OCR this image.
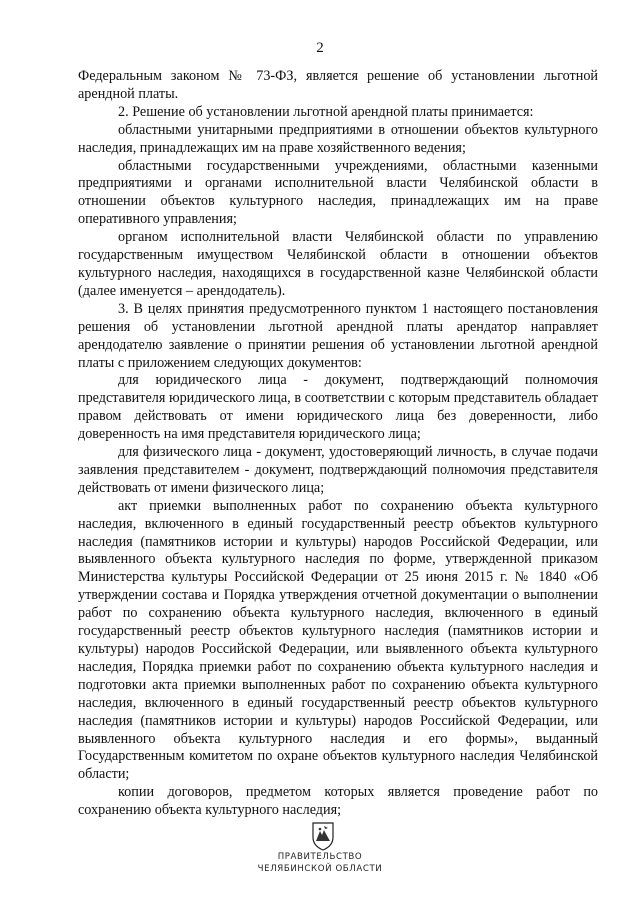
2

Федеральным законом № 73-ФЗ, является решение об установлении льготной арендной платы.

2. Решение об установлении льготной арендной платы принимается:

областными унитарными предприятиями в отношении объектов культурного наследия, принадлежащих им на праве хозяйственного ведения;

областными государственными учреждениями, областными казенными предприятиями и органами исполнительной власти Челябинской области в отношении объектов культурного наследия, принадлежащих им на праве оперативного управления;

органом исполнительной власти Челябинской области по управлению государственным имуществом Челябинской области в отношении объектов культурного наследия, находящихся в государственной казне Челябинской области (далее именуется – арендодатель).

3. В целях принятия предусмотренного пунктом 1 настоящего постановления решения об установлении льготной арендной платы арендатор направляет арендодателю заявление о принятии решения об установлении льготной арендной платы с приложением следующих документов:

для юридического лица - документ, подтверждающий полномочия представителя юридического лица, в соответствии с которым представитель обладает правом действовать от имени юридического лица без доверенности, либо доверенность на имя представителя юридического лица;

для физического лица - документ, удостоверяющий личность, в случае подачи заявления представителем - документ, подтверждающий полномочия представителя действовать от имени физического лица;

акт приемки выполненных работ по сохранению объекта культурного наследия, включенного в единый государственный реестр объектов культурного наследия (памятников истории и культуры) народов Российской Федерации, или выявленного объекта культурного наследия по форме, утвержденной приказом Министерства культуры Российской Федерации от 25 июня 2015 г. № 1840 «Об утверждении состава и Порядка утверждения отчетной документации о выполнении работ по сохранению объекта культурного наследия, включенного в единый государственный реестр объектов культурного наследия (памятников истории и культуры) народов Российской Федерации, или выявленного объекта культурного наследия, Порядка приемки работ по сохранению объекта культурного наследия и подготовки акта приемки выполненных работ по сохранению объекта культурного наследия, включенного в единый государственный реестр объектов культурного наследия (памятников истории и культуры) народов Российской Федерации, или выявленного объекта культурного наследия и его формы», выданный Государственным комитетом по охране объектов культурного наследия Челябинской области;

копии договоров, предметом которых является проведение работ по сохранению объекта культурного наследия;

ПРАВИТЕЛЬСТВО
ЧЕЛЯБИНСКОЙ ОБЛАСТИ
